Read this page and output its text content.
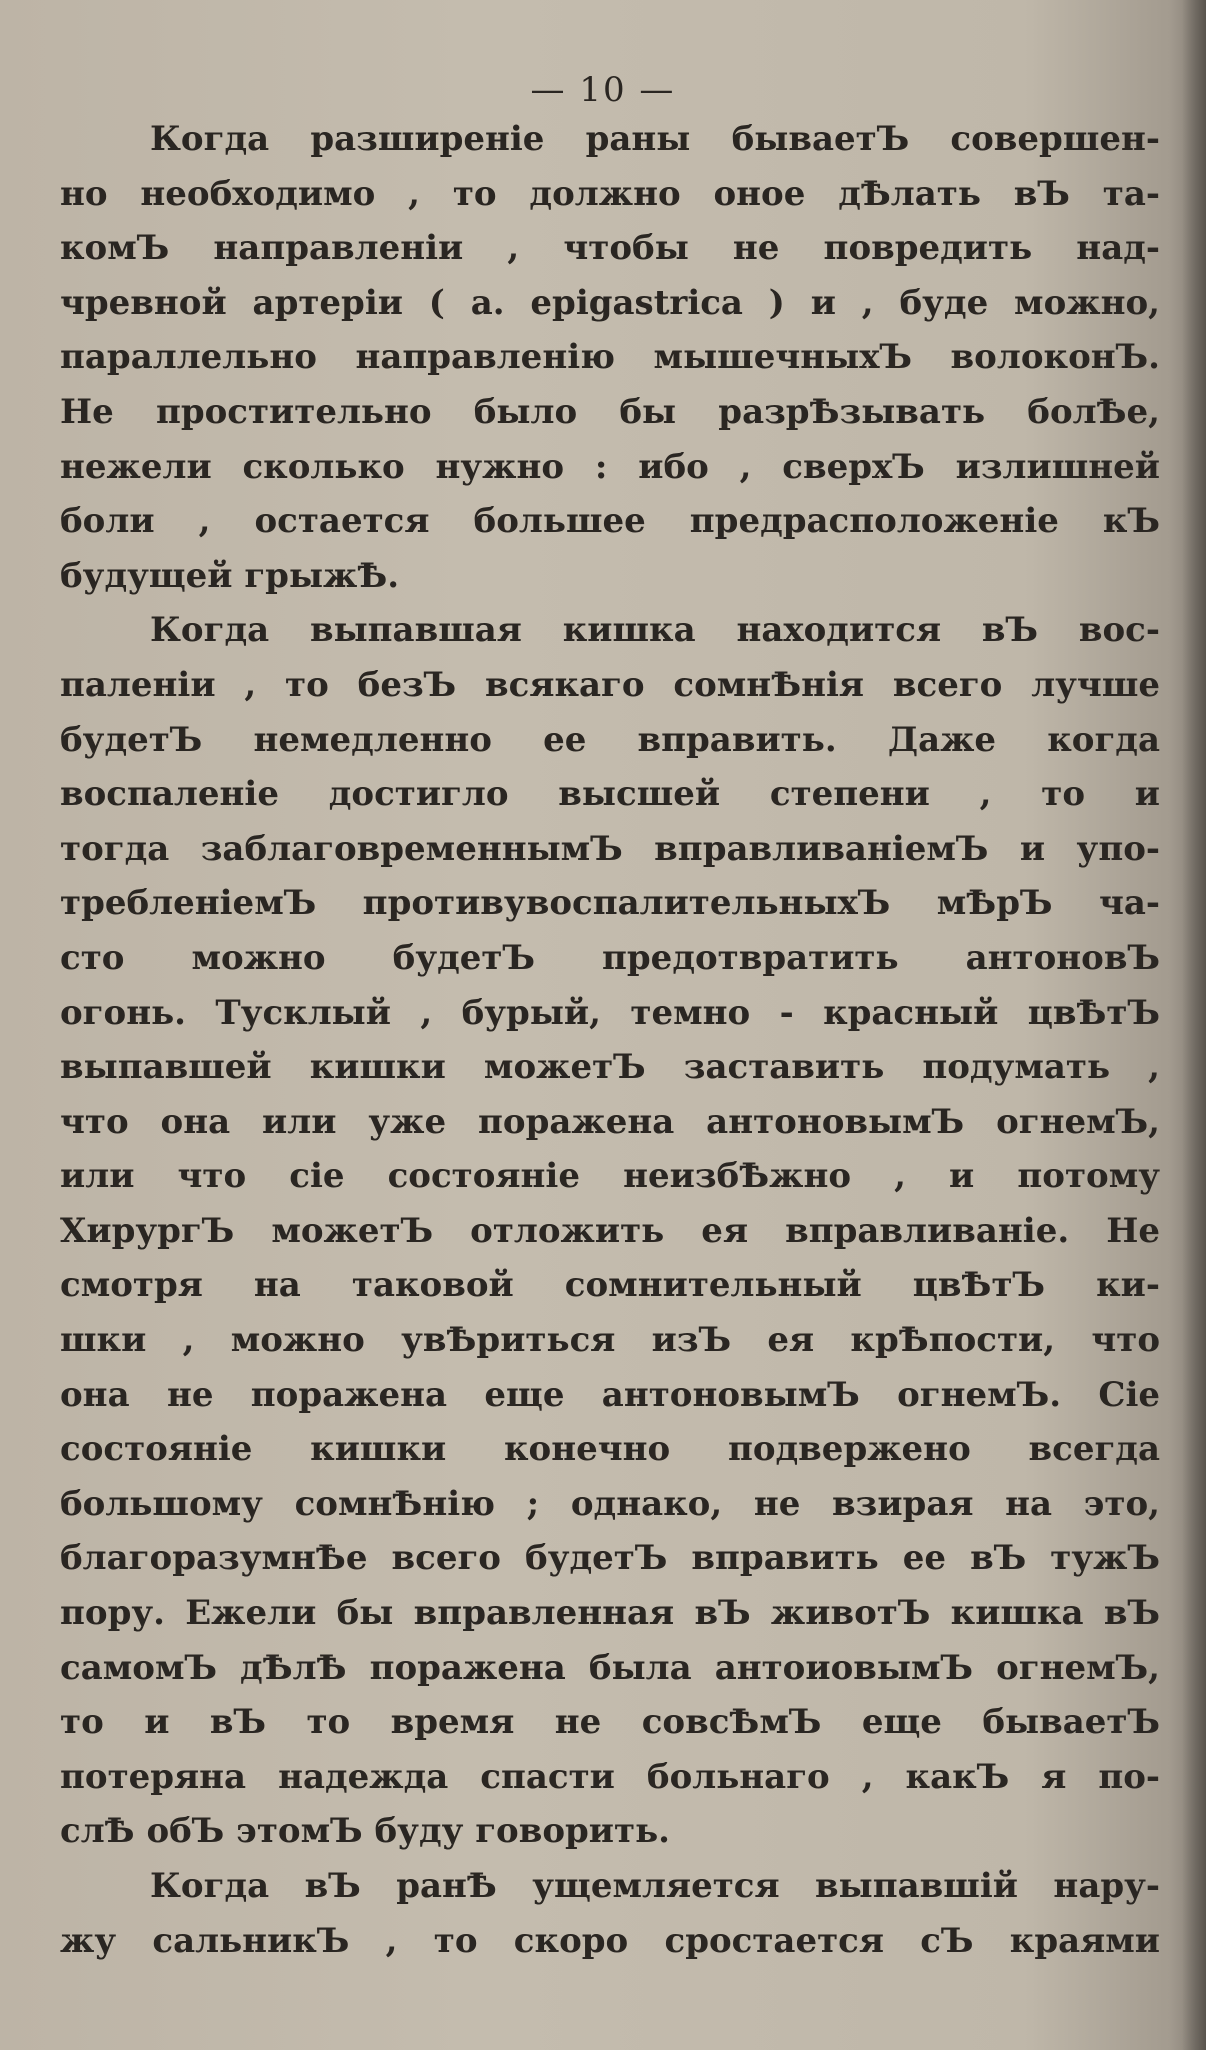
— 10 —
Когда разширеніе раны бываетЪ совершен-
но необходимо , то должно оное дѢлать вЪ та-
комЪ направленіи , чтобы не повредить над-
чревной артеріи ( a. epigastrica ) и , буде можно,
параллельно направленію мышечныхЪ волоконЪ.
Не простительно было бы разрѢзывать болѢе,
нежели сколько нужно : ибо , сверхЪ излишней
боли , остается большее предрасположеніе кЪ
будущей грыжѢ.
Когда выпавшая кишка находится вЪ вос-
паленіи , то безЪ всякаго сомнѢнія всего лучше
будетЪ немедленно ее вправить. Даже когда
воспаленіе достигло высшей степени , то и
тогда заблаговременнымЪ вправливаніемЪ и упо-
требленіемЪ противувоспалительныхЪ мѢрЪ ча-
сто можно будетЪ предотвратить антоновЪ
огонь. Тусклый , бурый, темно - красный цвѢтЪ
выпавшей кишки можетЪ заставить подумать ,
что она или уже поражена антоновымЪ огнемЪ,
или что сіе состояніе неизбѢжно , и потому
ХирургЪ можетЪ отложить ея вправливаніе. Не
смотря на таковой сомнительный цвѢтЪ ки-
шки , можно увѢриться изЪ ея крѢпости, что
она не поражена еще антоновымЪ огнемЪ. Сіе
состояніе кишки конечно подвержено всегда
большому сомнѢнію ; однако, не взирая на это,
благоразумнѢе всего будетЪ вправить ее вЪ тужЪ
пору. Ежели бы вправленная вЪ животЪ кишка вЪ
самомЪ дѢлѢ поражена была антоиовымЪ огнемЪ,
то и вЪ то время не совсѢмЪ еще бываетЪ
потеряна надежда спасти больнаго , какЪ я по-
слѢ обЪ этомЪ буду говорить.
Когда вЪ ранѢ ущемляется выпавшій нару-
жу сальникЪ , то скоро сростается сЪ краями
